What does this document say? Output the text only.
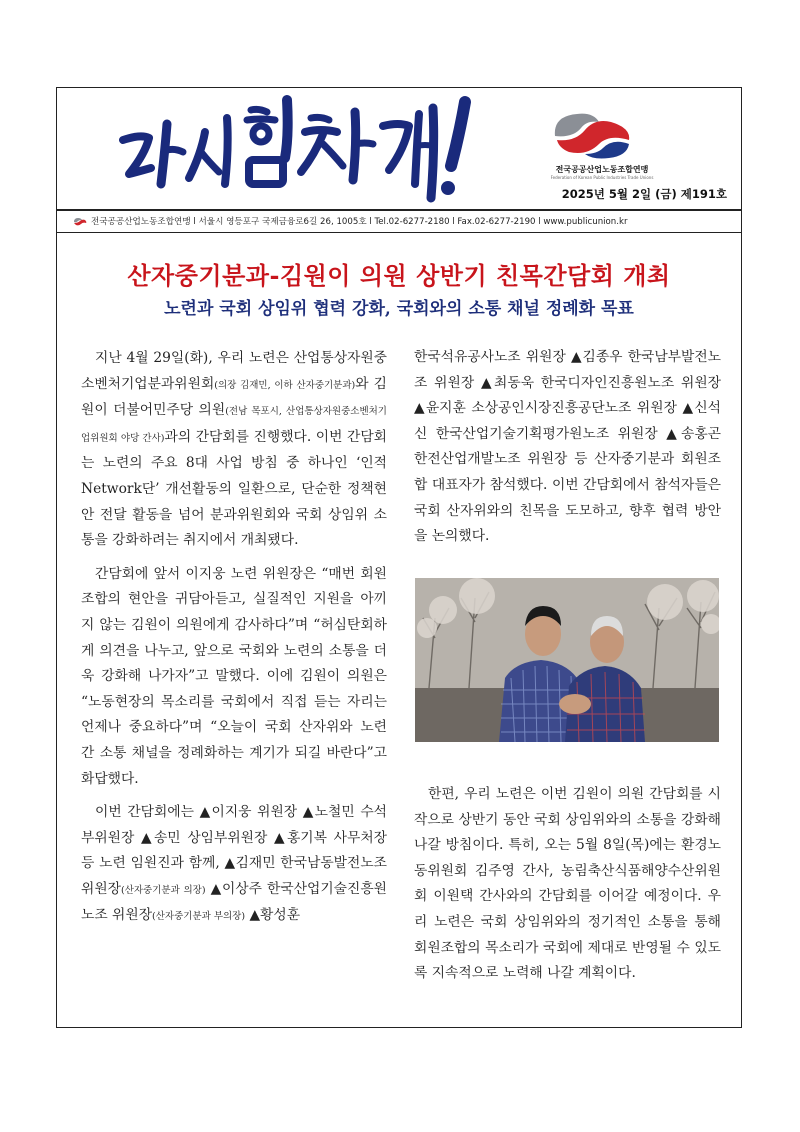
전국공공산업노동조합연맹
Federation of Korean Public Industries Trade Unions
2025년 5월 2일 (금) 제191호
전국공공산업노동조합연맹 l 서울시 영등포구 국제금융로6길 26, 1005호 l Tel.02-6277-2180 l Fax.02-6277-2190 l www.publicunion.kr
산자중기분과-김원이 의원 상반기 친목간담회 개최
노련과 국회 상임위 협력 강화, 국회와의 소통 채널 정례화 목표

지난 4월 29일(화), 우리 노련은 산업통상자원중소벤처기업분과위원회(의장 김재민, 이하 산자중기분과)와 김원이 더불어민주당 의원(전남 목포시, 산업통상자원중소벤처기업위원회 야당 간사)과의 간담회를 진행했다. 이번 간담회는 노련의 주요 8대 사업 방침 중 하나인 ‘인적Network단’ 개선활동의 일환으로, 단순한 정책현안 전달 활동을 넘어 분과위원회와 국회 상임위 소통을 강화하려는 취지에서 개최됐다.

간담회에 앞서 이지웅 노련 위원장은 “매번 회원조합의 현안을 귀담아듣고, 실질적인 지원을 아끼지 않는 김원이 의원에게 감사하다”며 “허심탄회하게 의견을 나누고, 앞으로 국회와 노련의 소통을 더욱 강화해 나가자”고 말했다. 이에 김원이 의원은 “노동현장의 목소리를 국회에서 직접 듣는 자리는 언제나 중요하다”며 “오늘이 국회 산자위와 노련 간 소통 채널을 정례화하는 계기가 되길 바란다”고 화답했다.

이번 간담회에는 ▲이지웅 위원장 ▲노철민 수석부위원장 ▲송민 상임부위원장 ▲홍기복 사무처장 등 노련 임원진과 함께, ▲김재민 한국남동발전노조 위원장(산자중기분과 의장) ▲이상주 한국산업기술진흥원노조 위원장(산자중기분과 부의장) ▲황성훈

한국석유공사노조 위원장 ▲김종우 한국남부발전노조 위원장 ▲최동욱 한국디자인진흥원노조 위원장 ▲윤지훈 소상공인시장진흥공단노조 위원장 ▲신석신 한국산업기술기획평가원노조 위원장 ▲송홍곤 한전산업개발노조 위원장 등 산자중기분과 회원조합 대표자가 참석했다. 이번 간담회에서 참석자들은 국회 산자위와의 친목을 도모하고, 향후 협력 방안을 논의했다.

한편, 우리 노련은 이번 김원이 의원 간담회를 시작으로 상반기 동안 국회 상임위와의 소통을 강화해 나갈 방침이다. 특히, 오는 5월 8일(목)에는 환경노동위원회 김주영 간사, 농림축산식품해양수산위원회 이원택 간사와의 간담회를 이어갈 예정이다. 우리 노련은 국회 상임위와의 정기적인 소통을 통해 회원조합의 목소리가 국회에 제대로 반영될 수 있도록 지속적으로 노력해 나갈 계획이다.
